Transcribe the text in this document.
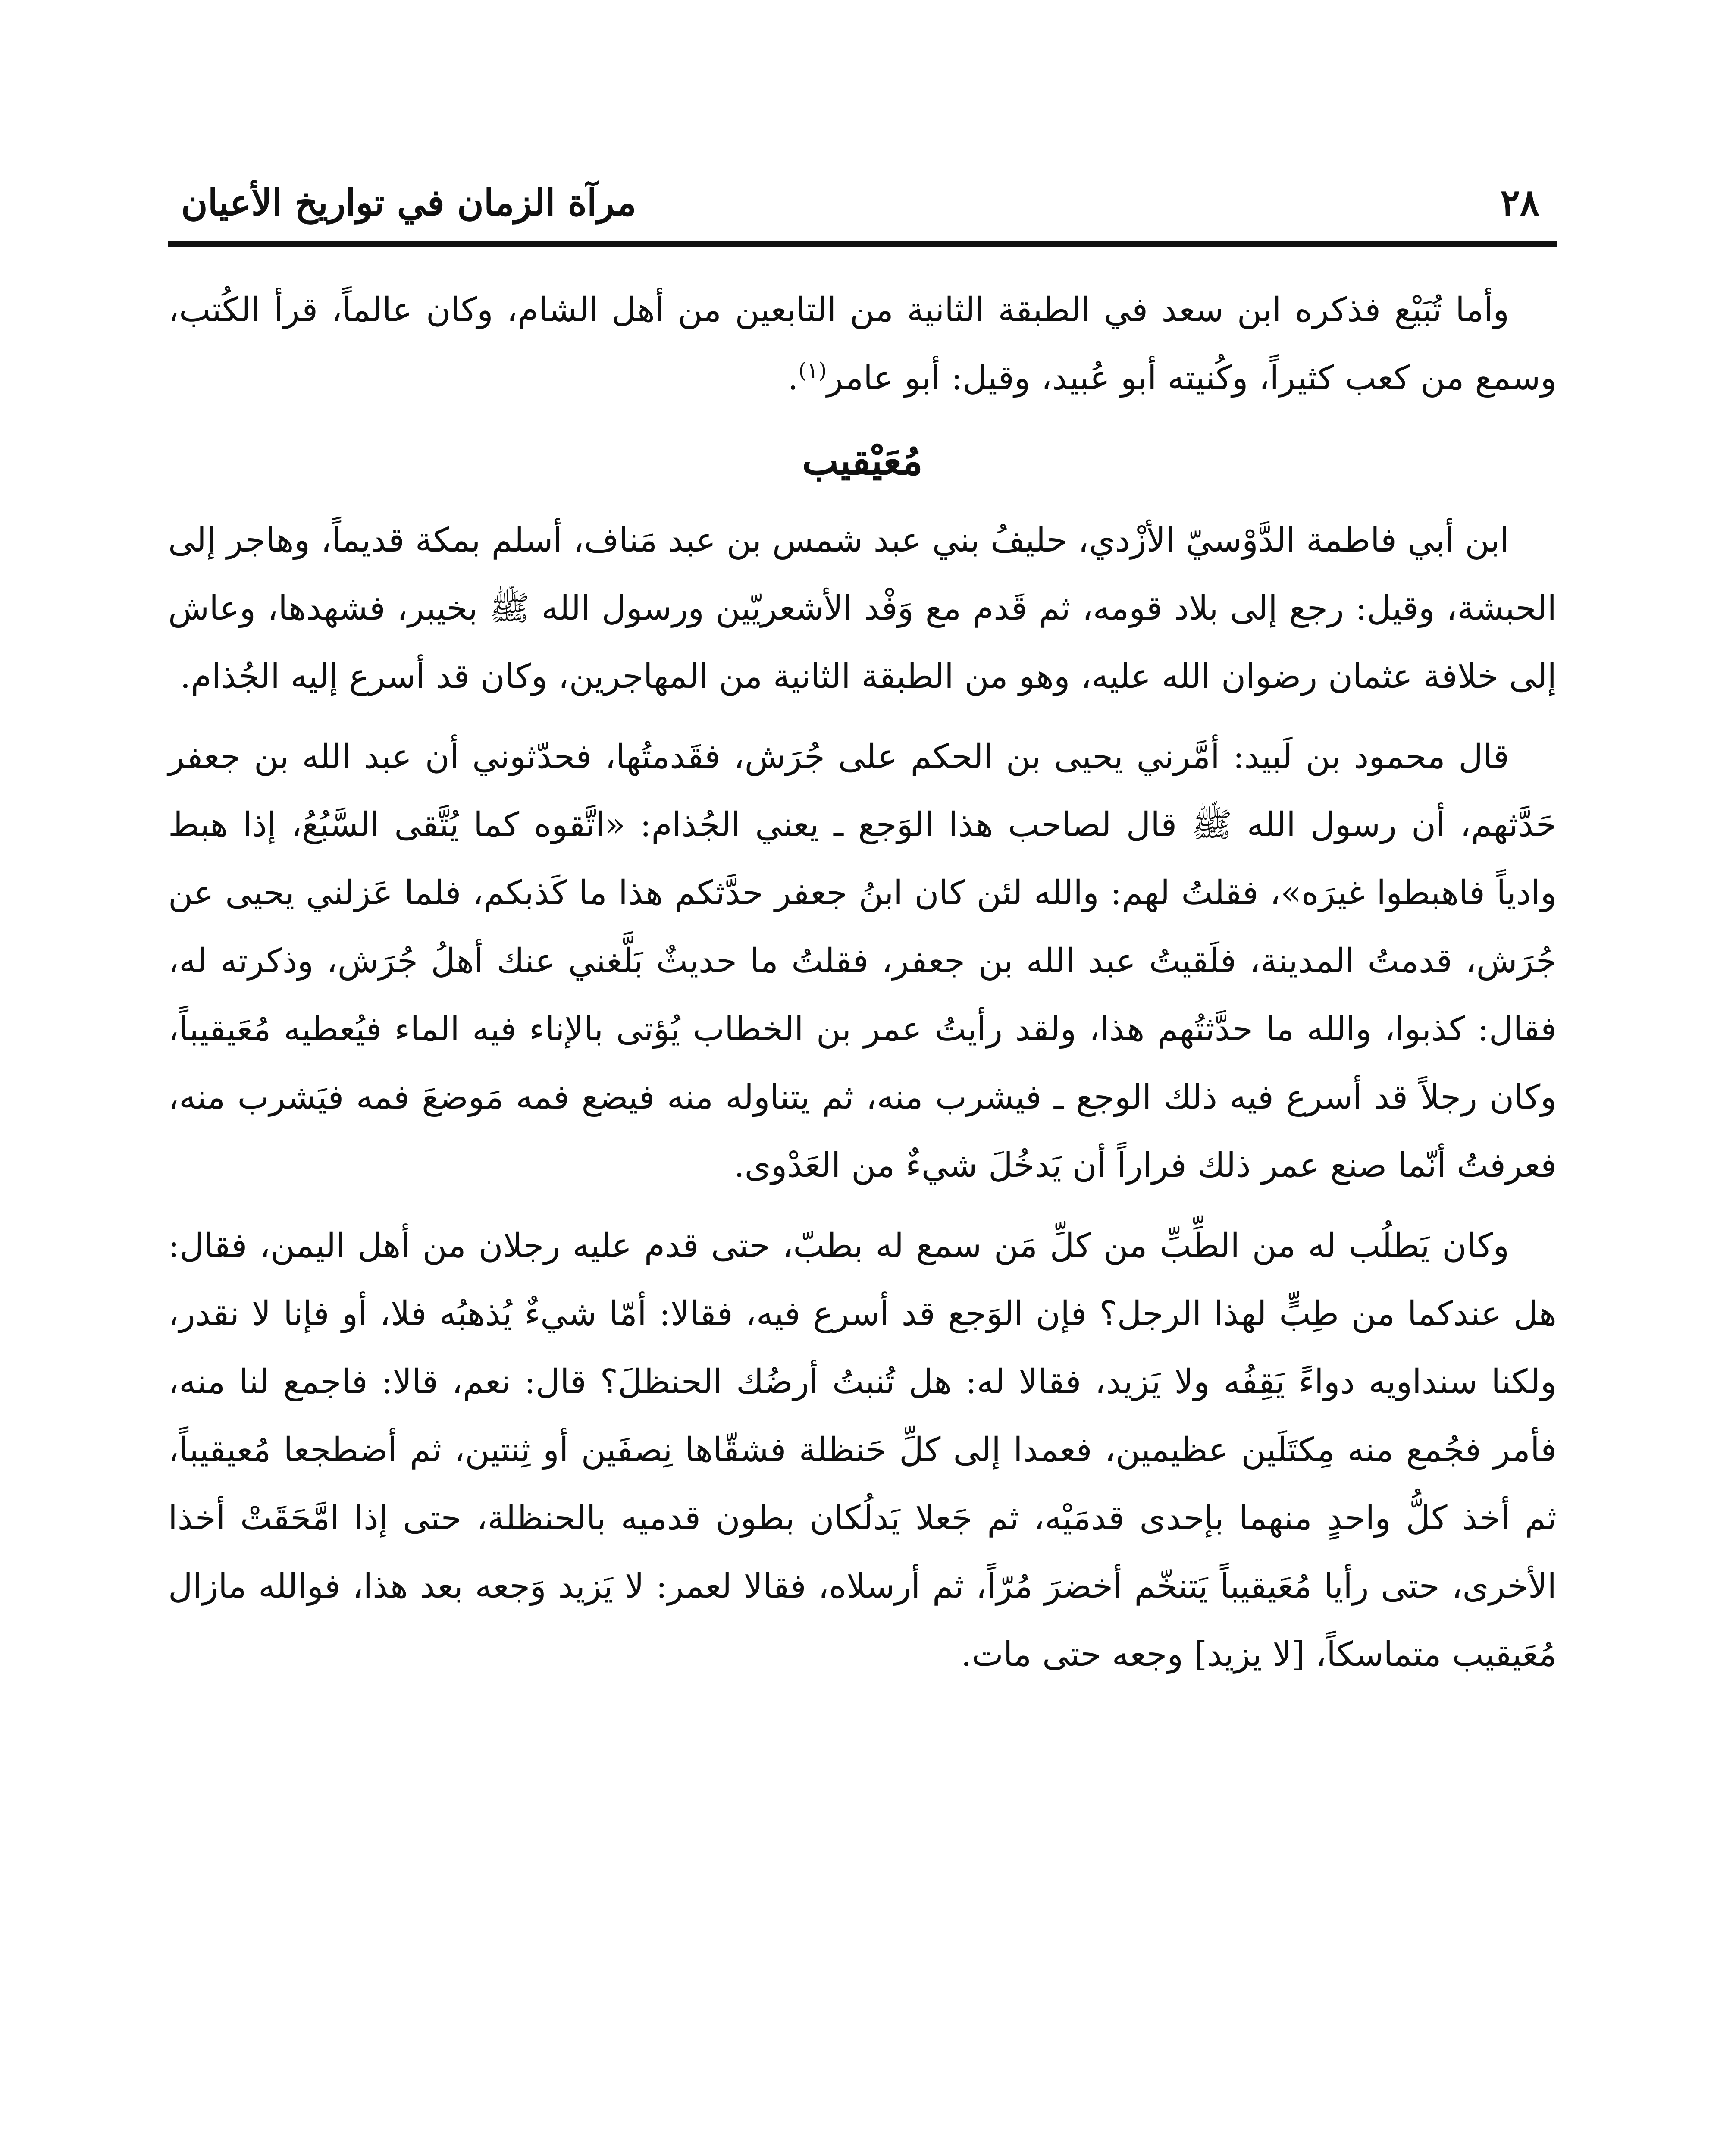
٢٨
مرآة الزمان في تواريخ الأعيان

وأما تُبَيْع فذكره ابن سعد في الطبقة الثانية من التابعين من أهل الشام، وكان عالماً، قرأ الكُتب، وسمع من كعب كثيراً، وكُنيته أبو عُبيد، وقيل: أبو عامر$^{(١)}$.

مُعَيْقيب

ابن أبي فاطمة الدَّوْسيّ الأزْدي، حليفُ بني عبد شمس بن عبد مَناف، أسلم بمكة قديماً، وهاجر إلى الحبشة، وقيل: رجع إلى بلاد قومه، ثم قَدم مع وَفْد الأشعريّين ورسول الله ﷺ بخيبر، فشهدها، وعاش إلى خلافة عثمان رضوان الله عليه، وهو من الطبقة الثانية من المهاجرين، وكان قد أسرع إليه الجُذام.

قال محمود بن لَبيد: أمَّرني يحيى بن الحكم على جُرَش، فقَدمتُها، فحدّثوني أن عبد الله بن جعفر حَدَّثهم، أن رسول الله ﷺ قال لصاحب هذا الوَجع ـ يعني الجُذام: «اتَّقوه كما يُتَّقى السَّبُعُ، إذا هبط وادياً فاهبطوا غيرَه»، فقلتُ لهم: والله لئن كان ابنُ جعفر حدَّثكم هذا ما كَذبكم، فلما عَزلني يحيى عن جُرَش، قدمتُ المدينة، فلَقيتُ عبد الله بن جعفر، فقلتُ ما حديثٌ بَلَّغني عنك أهلُ جُرَش، وذكرته له، فقال: كذبوا، والله ما حدَّثتُهم هذا، ولقد رأيتُ عمر بن الخطاب يُؤتى بالإناء فيه الماء فيُعطيه مُعَيقيباً، وكان رجلاً قد أسرع فيه ذلك الوجع ـ فيشرب منه، ثم يتناوله منه فيضع فمه مَوضعَ فمه فيَشرب منه، فعرفتُ أنّما صنع عمر ذلك فراراً أن يَدخُلَ شيءٌ من العَدْوى.

وكان يَطلُب له من الطِّبِّ من كلِّ مَن سمع له بطبّ، حتى قدم عليه رجلان من أهل اليمن، فقال: هل عندكما من طِبٍّ لهذا الرجل؟ فإن الوَجع قد أسرع فيه، فقالا: أمّا شيءٌ يُذهبُه فلا، أو فإنا لا نقدر، ولكنا سنداويه دواءً يَقِفُه ولا يَزيد، فقالا له: هل تُنبتُ أرضُك الحنظلَ؟ قال: نعم، قالا: فاجمع لنا منه، فأمر فجُمع منه مِكتَلَين عظيمين، فعمدا إلى كلِّ حَنظلة فشقّاها نِصفَين أو ثِنتين، ثم أضطجعا مُعيقيباً، ثم أخذ كلُّ واحدٍ منهما بإحدى قدمَيْه، ثم جَعلا يَدلُكان بطون قدميه بالحنظلة، حتى إذا امَّحَقَتْ أخذا الأخرى، حتى رأيا مُعَيقيباً يَتنخّم أخضرَ مُرّاً، ثم أرسلاه، فقالا لعمر: لا يَزيد وَجعه بعد هذا، فوالله مازال مُعَيقيب متماسكاً، [لا يزيد] وجعه حتى مات.
